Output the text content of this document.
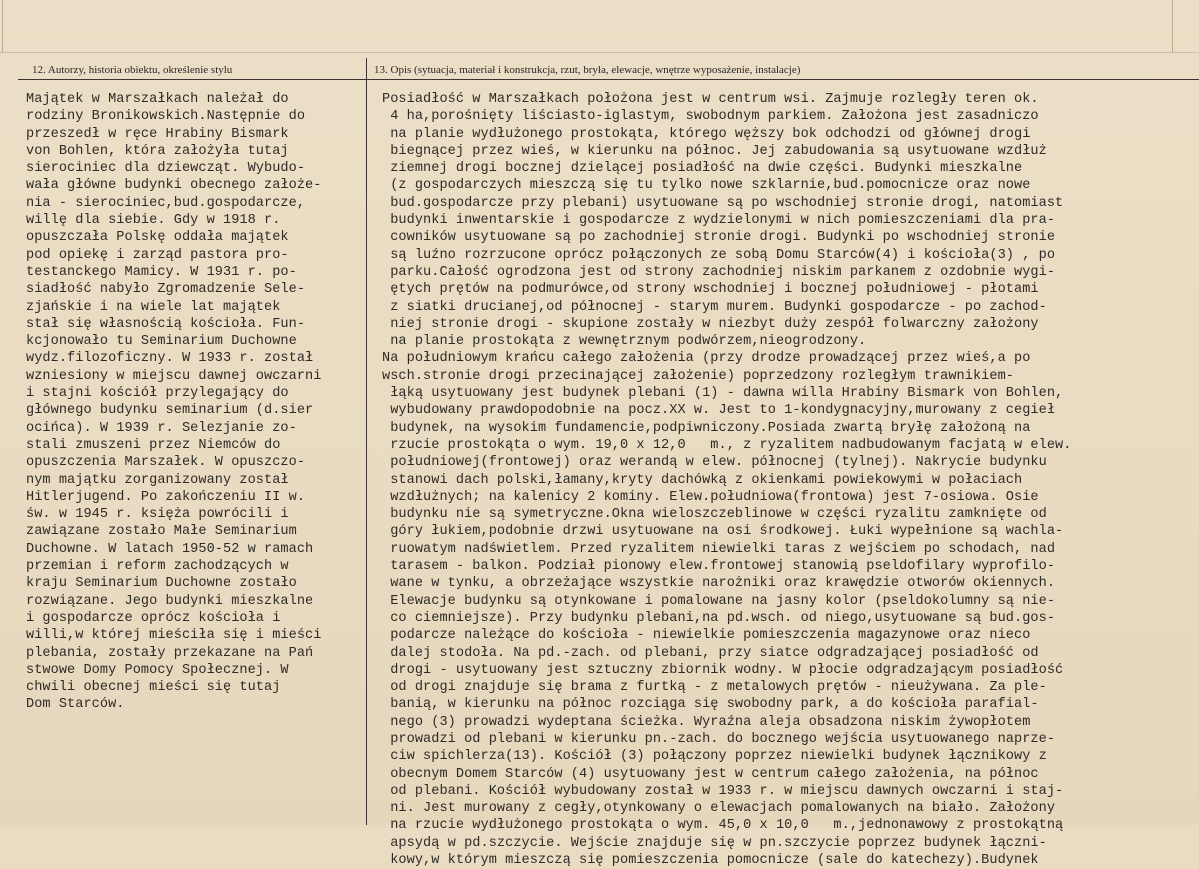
12. Autorzy, historia obiektu, określenie stylu	13. Opis (sytuacja, materiał i konstrukcja, rzut, bryła, elewacje, wnętrze wyposażenie, instalacje)
Majątek w Marszałkach należał do
rodziny Bronikowskich.Następnie do
przeszedł w ręce Hrabiny Bismark
von Bohlen, która założyła tutaj
sierociniec dla dziewcząt. Wybudo-
wała główne budynki obecnego założe-
nia - sierociniec,bud.gospodarcze,
willę dla siebie. Gdy w 1918 r.
opuszczała Polskę oddała majątek
pod opiekę i zarząd pastora pro-
testanckego Mamicy. W 1931 r. po-
siadłość nabyło Zgromadzenie Sele-
zjańskie i na wiele lat majątek
stał się własnością kościoła. Fun-
kcjonowało tu Seminarium Duchowne
wydz.filozoficzny. W 1933 r. został
wzniesiony w miejscu dawnej owczarni
i stajni kościół przylegający do
głównego budynku seminarium (d.sier
ocińca). W 1939 r. Selezjanie zo-
stali zmuszeni przez Niemców do
opuszczenia Marszałek. W opuszczo-
nym majątku zorganizowany został
Hitlerjugend. Po zakończeniu II w.
św. w 1945 r. księża powrócili i
zawiązane zostało Małe Seminarium
Duchowne. W latach 1950-52 w ramach
przemian i reform zachodzących w
kraju Seminarium Duchowne zostało
rozwiązane. Jego budynki mieszkalne
i gospodarcze oprócz kościoła i
willi,w której mieściła się i mieści
plebania, zostały przekazane na Pań
stwowe Domy Pomocy Społecznej. W
chwili obecnej mieści się tutaj
Dom Starców.
Posiadłość w Marszałkach położona jest w centrum wsi. Zajmuje rozległy teren ok.
4 ha,porośnięty liściasto-iglastym, swobodnym parkiem. Założona jest zasadniczo
na planie wydłużonego prostokąta, którego węższy bok odchodzi od głównej drogi
biegnącej przez wieś, w kierunku na północ. Jej zabudowania są usytuowane wzdłuż
ziemnej drogi bocznej dzielącej posiadłość na dwie części. Budynki mieszkalne
(z gospodarczych mieszczą się tu tylko nowe szklarnie,bud.pomocnicze oraz nowe
bud.gospodarcze przy plebani) usytuowane są po wschodniej stronie drogi, natomiast
budynki inwentarskie i gospodarcze z wydzielonymi w nich pomieszczeniami dla pra-
cowników usytuowane są po zachodniej stronie drogi. Budynki po wschodniej stronie
są luźno rozrzucone oprócz połączonych ze sobą Domu Starców(4) i kościoła(3) , po
parku.Całość ogrodzona jest od strony zachodniej niskim parkanem z ozdobnie wygi-
ętych prętów na podmurówce,od strony wschodniej i bocznej południowej - płotami
z siatki drucianej,od północnej - starym murem. Budynki gospodarcze - po zachod-
niej stronie drogi - skupione zostały w niezbyt duży zespół folwarczny założony
na planie prostokąta z wewnętrznym podwórzem,nieogrodzony.
Na południowym krańcu całego założenia (przy drodze prowadzącej przez wieś,a po
wsch.stronie drogi przecinającej założenie) poprzedzony rozległym trawnikiem-
łąką usytuowany jest budynek plebani (1) - dawna willa Hrabiny Bismark von Bohlen,
wybudowany prawdopodobnie na pocz.XX w. Jest to 1-kondygnacyjny,murowany z cegieł
budynek, na wysokim fundamencie,podpiwniczony.Posiada zwartą bryłę założoną na
rzucie prostokąta o wym. 19,0 x 12,0   m., z ryzalitem nadbudowanym facjatą w elew.
południowej(frontowej) oraz werandą w elew. północnej (tylnej). Nakrycie budynku
stanowi dach polski,łamany,kryty dachówką z okienkami powiekowymi w połaciach
wzdłużnych; na kalenicy 2 kominy. Elew.południowa(frontowa) jest 7-osiowa. Osie
budynku nie są symetryczne.Okna wieloszczeblinowe w części ryzalitu zamknięte od
góry łukiem,podobnie drzwi usytuowane na osi środkowej. Łuki wypełnione są wachla-
ruowatym nadświetlem. Przed ryzalitem niewielki taras z wejściem po schodach, nad
tarasem - balkon. Podział pionowy elew.frontowej stanowią pseldofilary wyprofilo-
wane w tynku, a obrzeżające wszystkie narożniki oraz krawędzie otworów okiennych.
Elewacje budynku są otynkowane i pomalowane na jasny kolor (pseldokolumny są nie-
co ciemniejsze). Przy budynku plebani,na pd.wsch. od niego,usytuowane są bud.gos-
podarcze należące do kościoła - niewielkie pomieszczenia magazynowe oraz nieco
dalej stodoła. Na pd.-zach. od plebani, przy siatce odgradzającej posiadłość od
drogi - usytuowany jest sztuczny zbiornik wodny. W płocie odgradzającym posiadłość
od drogi znajduje się brama z furtką - z metalowych prętów - nieużywana. Za ple-
banią, w kierunku na północ rozciąga się swobodny park, a do kościoła parafial-
nego (3) prowadzi wydeptana ścieżka. Wyraźna aleja obsadzona niskim żywopłotem
prowadzi od plebani w kierunku pn.-zach. do bocznego wejścia usytuowanego naprze-
ciw spichlerza(13). Kościół (3) połączony poprzez niewielki budynek łącznikowy z
obecnym Domem Starców (4) usytuowany jest w centrum całego założenia, na północ
od plebani. Kościół wybudowany został w 1933 r. w miejscu dawnych owczarni i staj-
ni. Jest murowany z cegły,otynkowany o elewacjach pomalowanych na biało. Założony
na rzucie wydłużonego prostokąta o wym. 45,0 x 10,0   m.,jednonawowy z prostokątną
apsydą w pd.szczycie. Wejście znajduje się w pn.szczycie poprzez budynek łączni-
kowy,w którym mieszczą się pomieszczenia pomocnicze (sale do katechezy).Budynek
